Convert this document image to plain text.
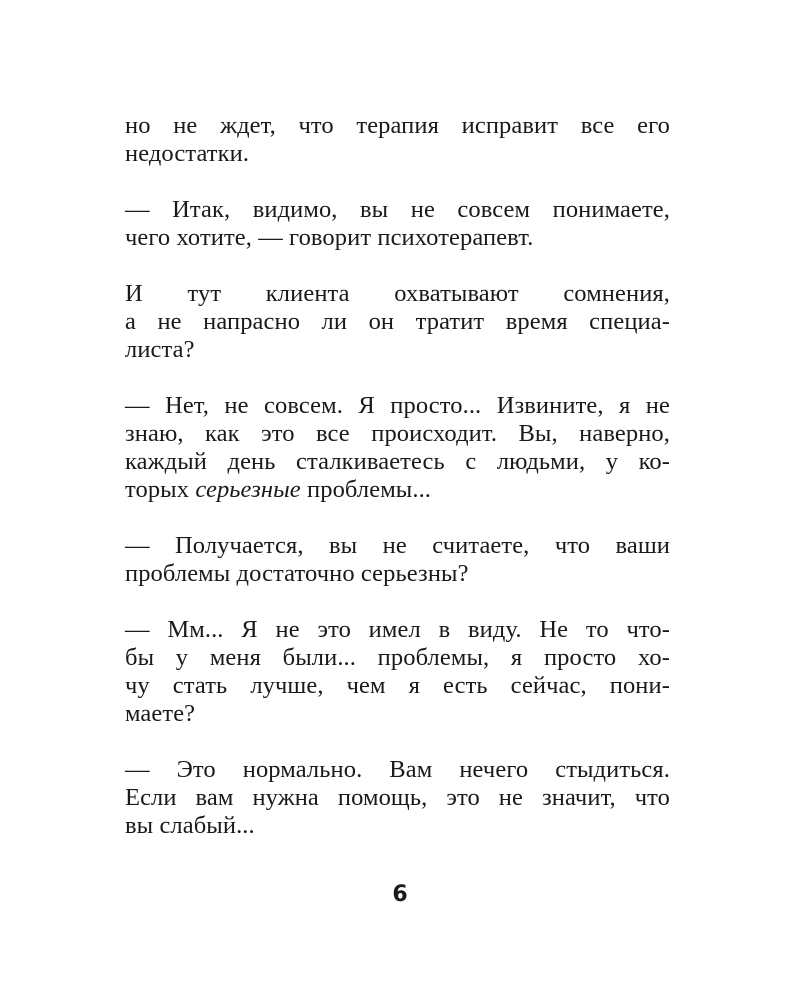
но не ждет, что терапия исправит все его
недостатки.

— Итак, видимо, вы не совсем понимаете,
чего хотите, — говорит психотерапевт.

И тут клиента охватывают сомнения,
а не напрасно ли он тратит время специа-
листа?

— Нет, не совсем. Я просто... Извините, я не
знаю, как это все происходит. Вы, наверно,
каждый день сталкиваетесь с людьми, у ко-
торых серьезные проблемы...

— Получается, вы не считаете, что ваши
проблемы достаточно серьезны?

— Мм... Я не это имел в виду. Не то что-
бы у меня были... проблемы, я просто хо-
чу стать лучше, чем я есть сейчас, пони-
маете?

— Это нормально. Вам нечего стыдиться.
Если вам нужна помощь, это не значит, что
вы слабый...

6
